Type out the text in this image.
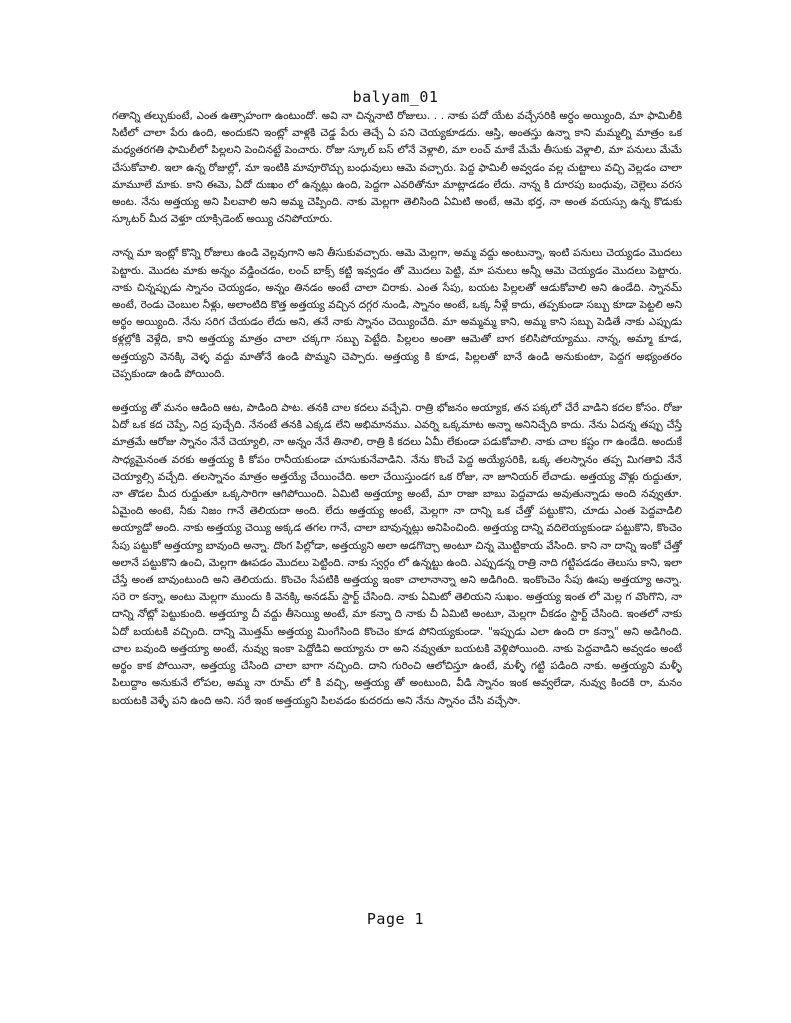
balyam_01

గతాన్ని తల్చుకుంటే, ఎంత ఉత్సాహంగా ఉంటుందో. అవి నా చిన్ననాటి రోజులు. . . నాకు పదో యేట వచ్చేసరికి అర్ధం అయ్యింది, మా ఫామిలీకి సిటీలో చాలా పేరు ఉంది, అందుకని ఇంట్లో వాళ్లకి చెడ్డ పేరు తెచ్చే ఏ పని చెయ్యకూడదు. ఆస్తి, అంతస్తు ఉన్నా కాని మమ్మల్ని మాత్రం ఒక మధ్యతరగతి ఫామిలీలో పిల్లలని పెంచినట్టే పెంచారు. రోజు స్కూల్ బస్ లోనే వెళ్లాలి, మా లంచ్ మాకే మేమే తీసుకు వెళ్లాలి, మా పనులు మేమే చేసుకోవాలి. ఇలా ఉన్న రోజుల్లో, మా ఇంటికి మావూరొచ్చు బంధువులు ఆమె వచ్చారు. పెద్ద ఫామిలీ అవ్వడం వల్ల చుట్టాలు వచ్చి వెల్లడం చాలా మామూలే మాకు. కాని ఈమె, ఏదో దుఃఖం లో ఉన్నట్లు ఉంది, పెద్దగా ఎవరితోనూ మాట్లాడడం లేదు. నాన్న కి దూరపు బంధువు, చెల్లెలు వరస అంట. నేను అత్తయ్య అని పిలవాలి అని అమ్మ చెప్పింది. నాకు మెల్లగా తెలిసింది ఏమిటి అంటే, ఆమె భర్త, నా అంత వయస్సు ఉన్న కొడుకు స్కూటర్ మీద వెళ్తూ యాక్సిడెంట్ అయ్యి చనిపోయారు.

నాన్న మా ఇంట్లో కొన్ని రోజులు ఉండి వెల్లవుగాని అని తీసుకువచ్చారు. ఆమె మెల్లగా, అమ్మ వద్దు అంటున్నా, ఇంటి పనులు చెయ్యడం మొదలు పెట్టారు. మొదట మాకు అన్నం వడ్డించడం, లంచ్ బాక్స్ కట్టి ఇవ్వడం తో మొదలు పెట్టి, మా పనులు అన్నీ ఆమె చెయ్యడం మొదలు పెట్టారు. నాకు చిన్నప్పుడు స్నానం చెయ్యడం, అన్నం తినడం అంటే చాలా చిరాకు. ఎంత సేపు, బయట పిల్లలతో ఆడుకోవాలి అని ఉండేది. స్నానమ్ అంటే, రెండు చెంబుల నీళ్లు, అలాంటిది కొత్త అత్తయ్య వచ్చిన దగ్గర నుండి, స్నానం అంటే, ఒక్క నీళ్లే కాదు, తప్పకుండా సబ్బు కూడా పెట్టలి అని అర్థం అయ్యింది. నేను సరిగ చేయడం లేదు అని, తనే నాకు స్నానం చెయ్యించేది. మా అమ్మమ్మ కాని, అమ్మ కాని సబ్బు పెడితే నాకు ఎప్పుడు కళ్లల్లోకి వెళ్లేది, కాని అత్తయ్య మాత్రం చాలా చక్కగా సబ్బు పెట్టేది. పిల్లలం అంతా ఆమెతో బాగ కలిసిపోయ్యాము. నాన్న, అమ్మా కూడ, అత్తయ్యని వెనక్కి వెళ్ళ వద్దు మాతోనే ఉండి పొమ్మని చెప్పారు. అత్తయ్య కి కూడ, పిల్లలతో బానే ఉండి అనుకుంటా, పెద్దగ అభ్యంతరం చెప్పకుండా ఉండి పోయింది.

అత్తయ్య తో మనం ఆడింది ఆట, పాడింది పాట. తనకి చాల కదలు వచ్చేవి. రాత్రి భోజనం అయ్యాక, తన పక్కలో చేరే వాడిని కదల కోసం. రోజు ఏదో ఒక కద చెప్పే, నిద్ర పుచ్చేది. నేనంటే తనకి ఎక్కడ లేని అభిమానము. ఎవర్ని ఒక్కమాట అన్నా అనినిచ్చేది కాదు. నేను ఏదన్న తప్పు చేస్తే మాత్రమే ఆరోజు స్నానం నేనే చెయ్యాలి, నా అన్నం నేనే తినాలి, రాత్రి కి కదలు ఏమీ లేకుండా పడుకోవాలి. నాకు చాల కష్టం గా ఉండేది. అందుకే సాధ్యమైనంత వరకు అత్తయ్య కి కోపం రానీయకుండా చూసుకునేవాడిని. నేను కొంచే పెద్ద అయ్యేసరికి, ఒక్క తలస్నానం తప్ప మిగతావి నేనే చెయ్యాల్సి వచ్చేది. తలస్నానం మాత్రం అత్తయ్యే చేయించేది. అలా చేయిస్తుండగ ఒక రోజు, నా జూనియర్ లేచాడు. అత్తయ్య వొళ్లు రుద్దుతూ, నా తొడల మీద రుద్దుతూ ఒక్కసారిగా ఆగిపోయింది. ఏమిటి అత్తయ్యా అంటే, మా రాజా బాబు పెద్దవాడు అవుతున్నాడు అంది నవ్వుతూ. ఏమైంది అంటె, నీకు నిజం గానే తెలియదా అంది. లేదు అత్తయ్య అంటే, మెల్లగా నా దాన్ని ఒక చేత్తో పట్టుకొని, చూడు ఎంత పెద్దవాడిలి అయ్యాడో అంది. నాకు అత్తయ్య చెయ్యి అక్కడ తగల గానే, చాలా బావున్నట్లు అనిపించింది. అత్తయ్య దాన్ని వదిలెయ్యకుండా పట్టుకొని, కొంచెం సేపు పట్టుకో అత్తయ్యా బావుంది అన్నా. దొంగ పిల్లోడా, అత్తయ్యని అలా అడగొచ్చా అంటూ చిన్న మొట్టికాయ వేసింది. కాని నా దాన్ని ఇంకో చేత్తో అలానే పట్టుకొని ఉంచి, మెల్లగా ఊపడం మొదలు పెట్టింది. నాకు స్వర్గం లో ఉన్నట్టు ఉంది. ఎప్పుడన్న రాత్రి నాది గట్టిపడడం తెలుసు కాని, ఇలా చేస్తే అంత బావుంటుంది అని తెలియదు. కొంచెం సేపటికి అత్తయ్య ఇంకా చాలానాన్నా అని అడిగింది. ఇంకొంచెం సేపు ఊపు అత్తయ్యా అన్నా. సరె రా కన్నా, అంటు మెల్లగా ముందు కి వెనక్కి అనడమ్ స్టార్ట్ చేసింది. నాకు ఏమిటో తెలియని సుఖం. అత్తయ్య ఇంత లో మెల్ల గ వొంగొని, నా దాన్ని నోట్లో పెట్టుకుంది. అత్తయ్యా చీ వద్దు తీసెయ్యి అంటే, మా కన్నా ది నాకు చీ ఏమిటి అంటూ, మెల్లగా చీకడం స్టార్ట్ చేసింది. ఇంతలో నాకు ఏదో బయటకి వచ్చింది. దాన్ని మొత్తమ్ అత్తయ్య మింగేసింది కొంచెం కూడ పోనియ్యకుండా. "ఇప్పుడు ఎలా ఉంది రా కన్నా" అని అడిగింది. చాల బవుంది అత్తయ్యా అంటే, నువ్వు ఇంకా పెద్దోడివి అయ్యాను రా అని నవ్వుతూ బయటకి వెళ్లిపోయింది. నాకు పెద్దవాడిని అవ్వడం అంటే అర్థం కాక పోయినా, అత్తయ్య చేసింది చాలా బాగా నచ్చింది. దాని గురించి ఆలోచిస్తూ ఉంటే, మళ్ళీ గట్టి పడింది నాకు. అత్తయ్యని మళ్ళీ పిలుద్దాం అనుకునే లోపల, అమ్మ నా రూమ్ లో కి వచ్చి, అత్తయ్య తో అంటుంది, వీడి స్నానం ఇంక అవ్వలేడా, నువ్వు కిందకి రా, మనం బయటకి వెళ్ళే పని ఉంది అని. సరే ఇంక అత్తయ్యని పిలవడం కుదరదు అని నేను స్నానం చేసి వచ్చేసా.

Page 1
